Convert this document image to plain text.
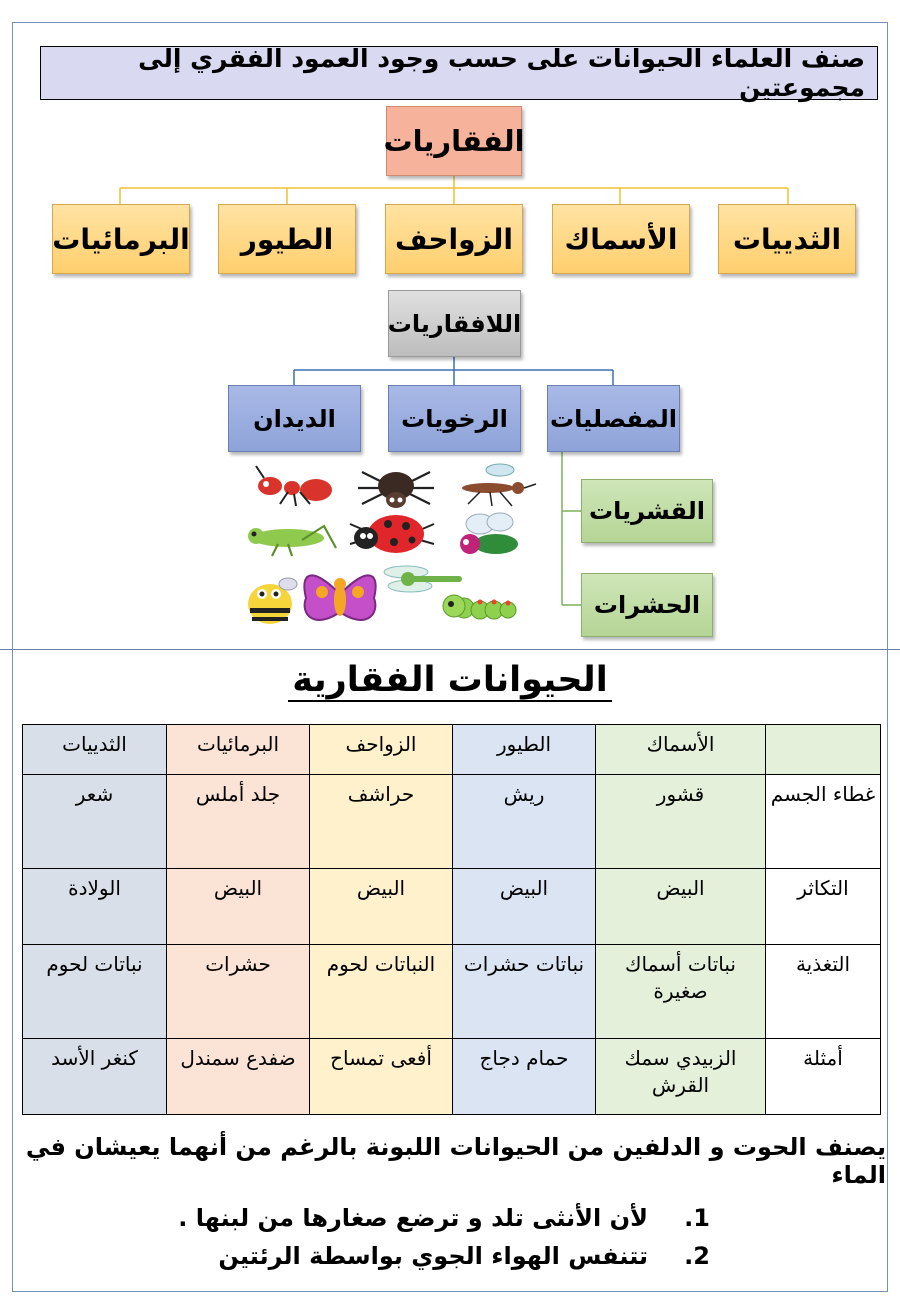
صنف العلماء الحيوانات على حسب وجود العمود الفقري إلى مجموعتين
الفقاريات
الثدييات
الأسماك
الزواحف
الطيور
البرمائيات
اللافقاريات
المفصليات
الرخويات
الديدان
القشريات
الحشرات
الحيوانات الفقارية
	الأسماك	الطيور	الزواحف	البرمائيات	الثدييات
غطاء الجسم	قشور	ريش	حراشف	جلد أملس	شعر
التكاثر	البيض	البيض	البيض	البيض	الولادة
التغذية	نباتات أسماك صغيرة	نباتات حشرات	النباتات لحوم	حشرات	نباتات لحوم
أمثلة	الزبيدي سمك القرش	حمام دجاج	أفعى تمساح	ضفدع سمندل	كنغر الأسد
يصنف الحوت و الدلفين من الحيوانات اللبونة بالرغم من أنهما يعيشان في الماء
1.لأن الأنثى تلد و ترضع صغارها من لبنها .
2.تتنفس الهواء الجوي بواسطة الرئتين
